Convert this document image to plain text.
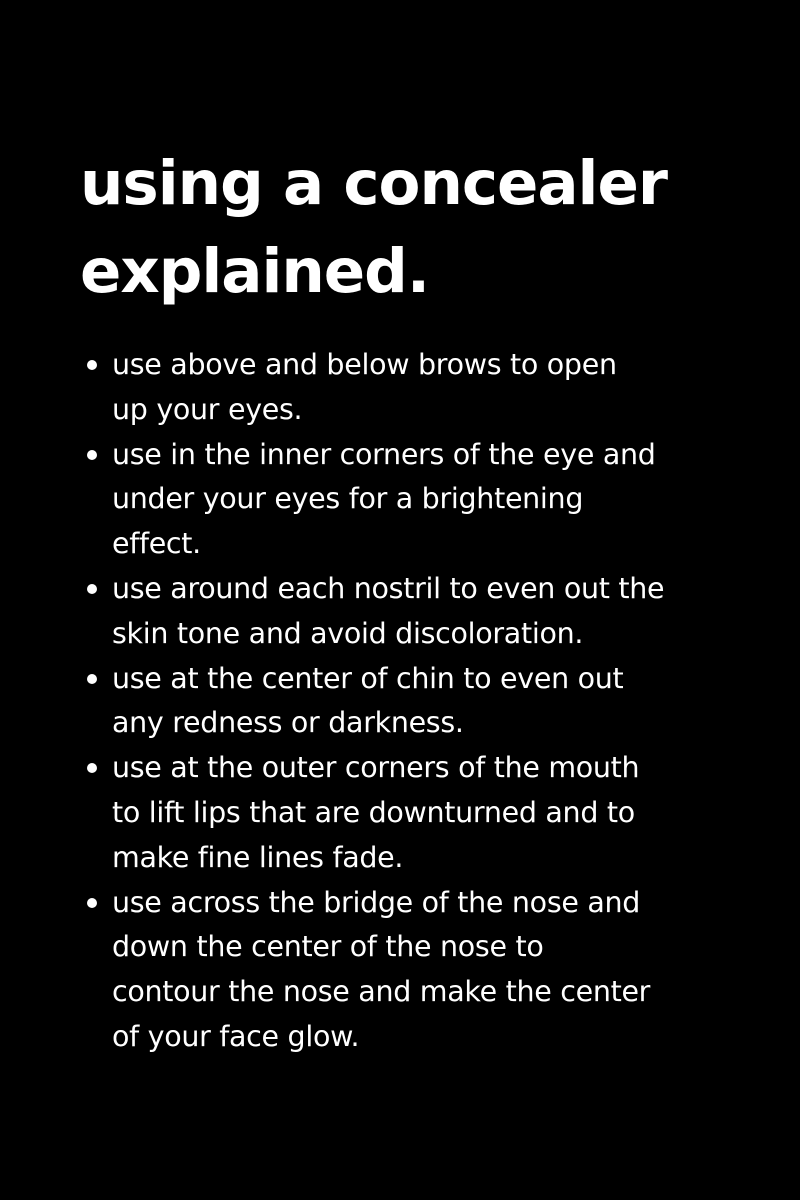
using a concealer
explained.
use above and below brows to open
up your eyes.
use in the inner corners of the eye and
under your eyes for a brightening
effect.
use around each nostril to even out the
skin tone and avoid discoloration.
use at the center of chin to even out
any redness or darkness.
use at the outer corners of the mouth
to lift lips that are downturned and to
make fine lines fade.
use across the bridge of the nose and
down the center of the nose to
contour the nose and make the center
of your face glow.
